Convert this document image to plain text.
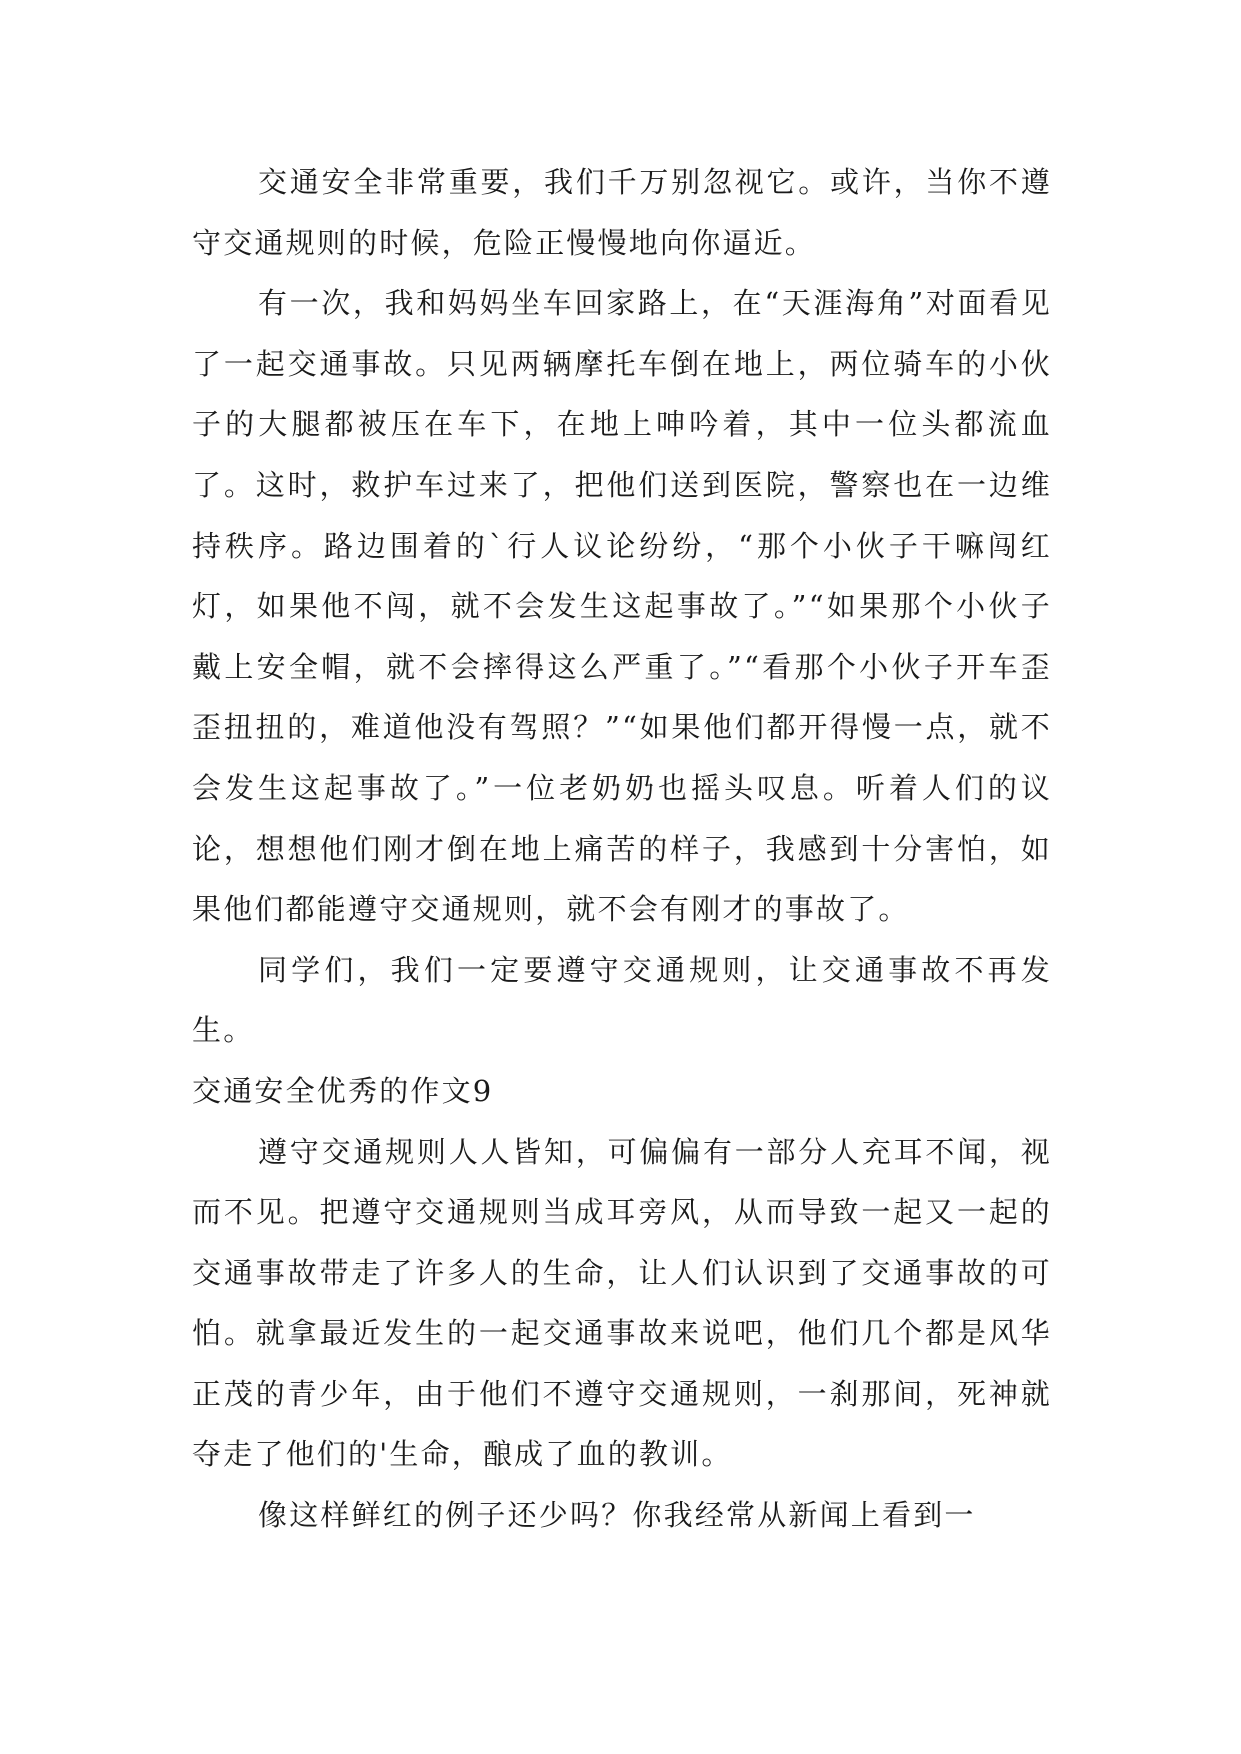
交通安全非常重要，我们千万别忽视它。或许，当你不遵守交通规则的时候，危险正慢慢地向你逼近。

有一次，我和妈妈坐车回家路上，在“天涯海角”对面看见了一起交通事故。只见两辆摩托车倒在地上，两位骑车的小伙子的大腿都被压在车下，在地上呻吟着，其中一位头都流血了。这时，救护车过来了，把他们送到医院，警察也在一边维持秩序。路边围着的`行人议论纷纷，“那个小伙子干嘛闯红灯，如果他不闯，就不会发生这起事故了。”“如果那个小伙子戴上安全帽，就不会摔得这么严重了。”“看那个小伙子开车歪歪扭扭的，难道他没有驾照？”“如果他们都开得慢一点，就不会发生这起事故了。”一位老奶奶也摇头叹息。听着人们的议论，想想他们刚才倒在地上痛苦的样子，我感到十分害怕，如果他们都能遵守交通规则，就不会有刚才的事故了。

同学们，我们一定要遵守交通规则，让交通事故不再发生。

交通安全优秀的作文9

遵守交通规则人人皆知，可偏偏有一部分人充耳不闻，视而不见。把遵守交通规则当成耳旁风，从而导致一起又一起的交通事故带走了许多人的生命，让人们认识到了交通事故的可怕。就拿最近发生的一起交通事故来说吧，他们几个都是风华正茂的青少年，由于他们不遵守交通规则，一刹那间，死神就夺走了他们的'生命，酿成了血的教训。

像这样鲜红的例子还少吗？你我经常从新闻上看到一
